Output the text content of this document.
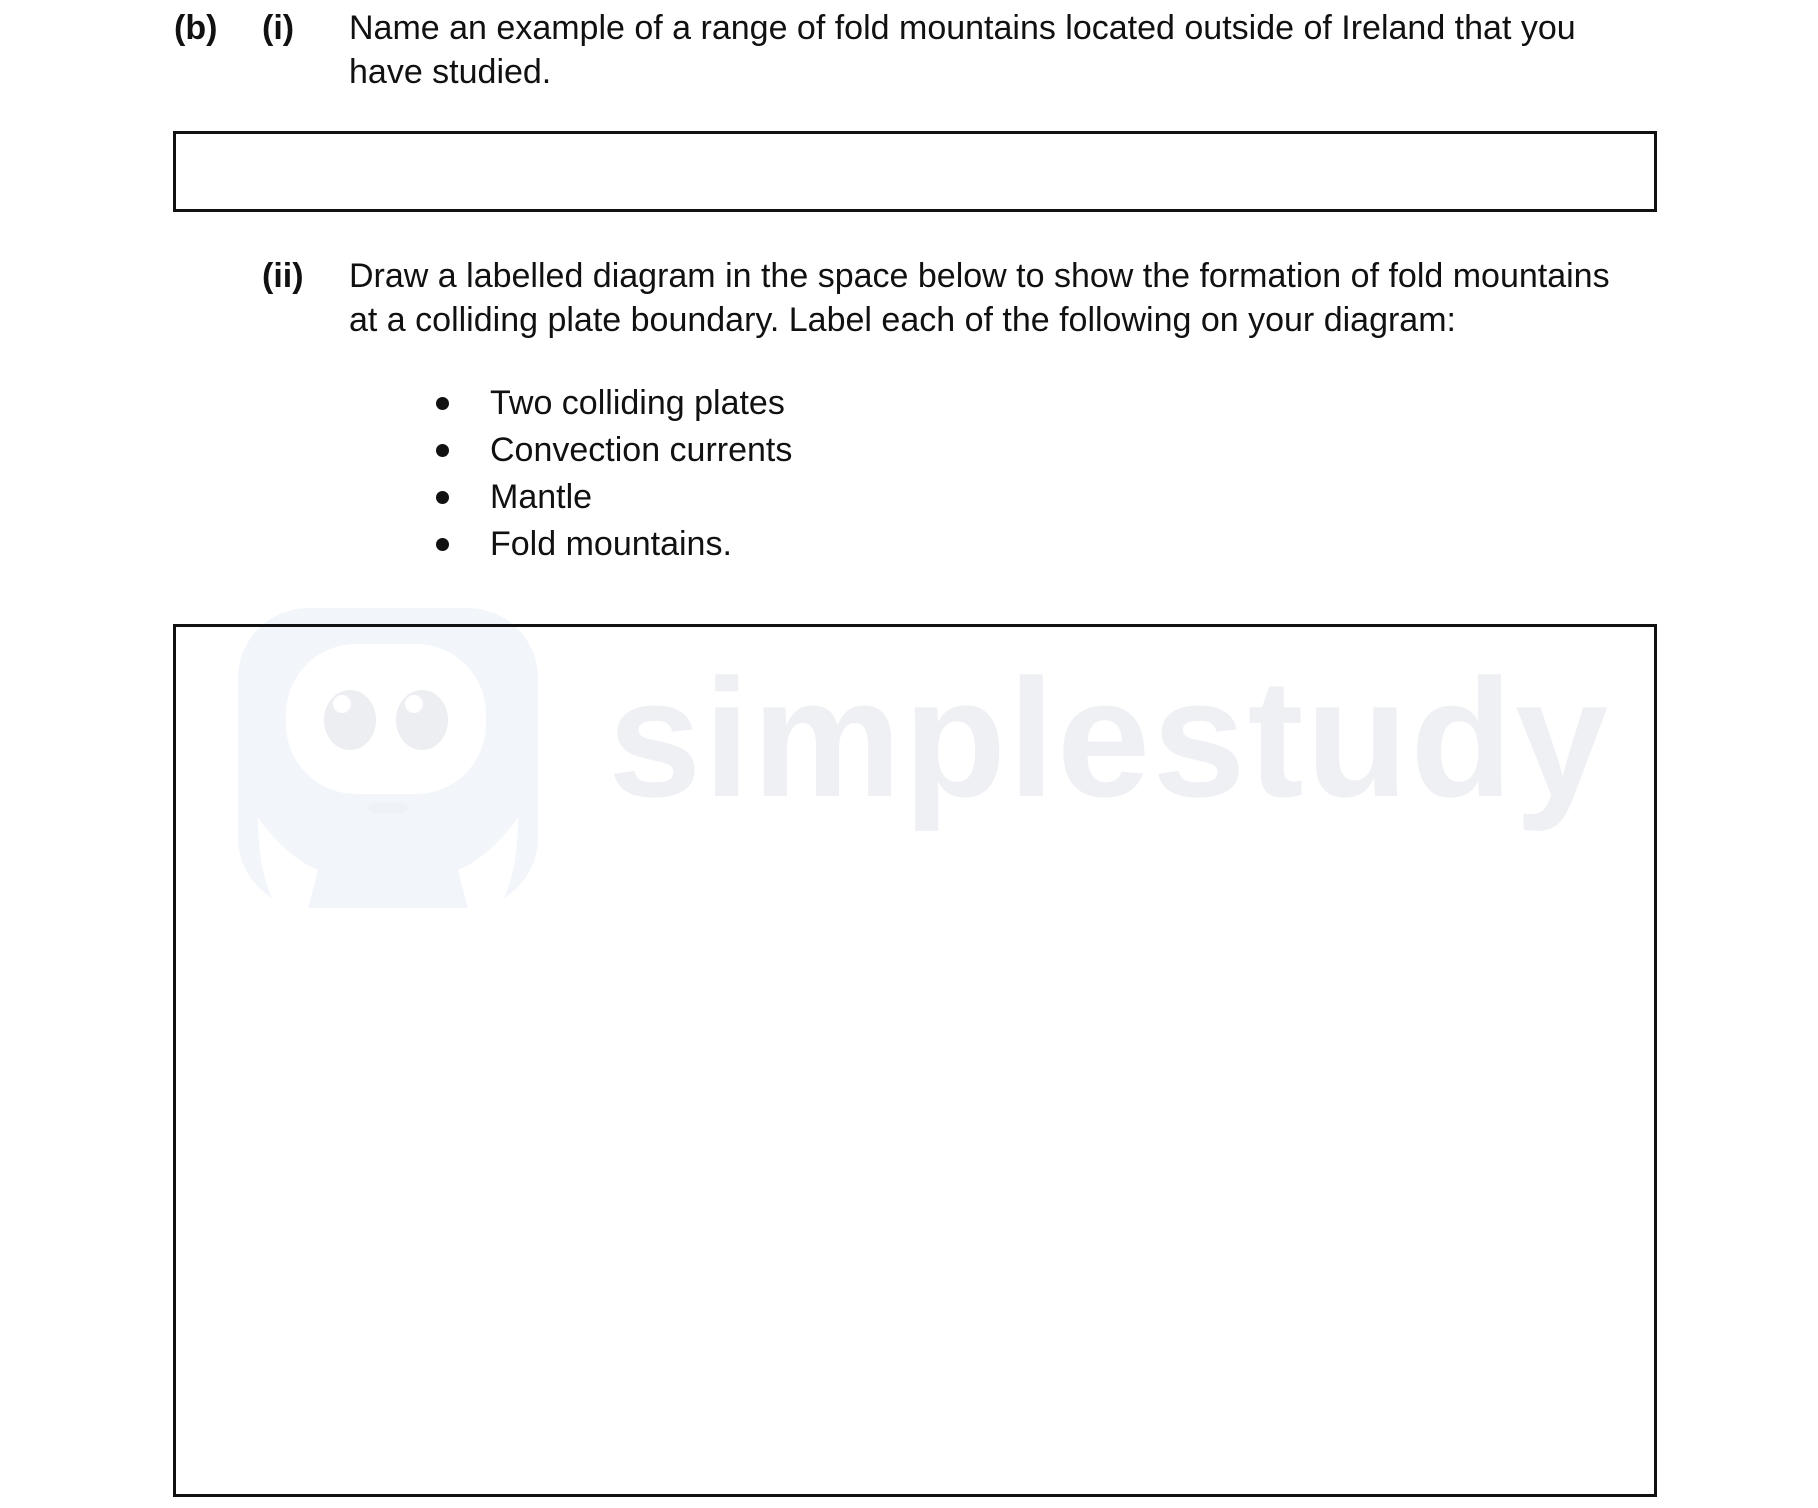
(b) (i) Name an example of a range of fold mountains located outside of Ireland that you
have studied.
(ii) Draw a labelled diagram in the space below to show the formation of fold mountains
at a colliding plate boundary. Label each of the following on your diagram:
Two colliding plates
Convection currents
Mantle
Fold mountains.
simplestudy
